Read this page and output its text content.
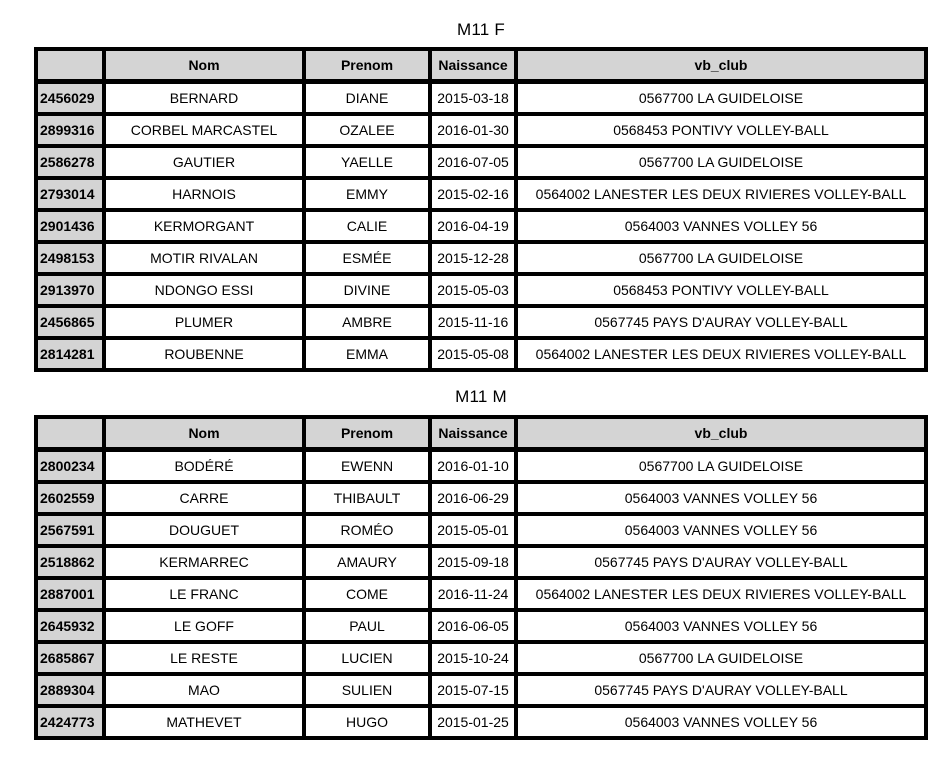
M11 F
	Nom	Prenom	Naissance	vb_club
2456029	BERNARD	DIANE	2015-03-18	0567700 LA GUIDELOISE
2899316	CORBEL MARCASTEL	OZALEE	2016-01-30	0568453 PONTIVY VOLLEY-BALL
2586278	GAUTIER	YAELLE	2016-07-05	0567700 LA GUIDELOISE
2793014	HARNOIS	EMMY	2015-02-16	0564002 LANESTER LES DEUX RIVIERES VOLLEY-BALL
2901436	KERMORGANT	CALIE	2016-04-19	0564003 VANNES VOLLEY 56
2498153	MOTIR RIVALAN	ESMÉE	2015-12-28	0567700 LA GUIDELOISE
2913970	NDONGO ESSI	DIVINE	2015-05-03	0568453 PONTIVY VOLLEY-BALL
2456865	PLUMER	AMBRE	2015-11-16	0567745 PAYS D'AURAY VOLLEY-BALL
2814281	ROUBENNE	EMMA	2015-05-08	0564002 LANESTER LES DEUX RIVIERES VOLLEY-BALL
M11 M
	Nom	Prenom	Naissance	vb_club
2800234	BODÉRÉ	EWENN	2016-01-10	0567700 LA GUIDELOISE
2602559	CARRE	THIBAULT	2016-06-29	0564003 VANNES VOLLEY 56
2567591	DOUGUET	ROMÉO	2015-05-01	0564003 VANNES VOLLEY 56
2518862	KERMARREC	AMAURY	2015-09-18	0567745 PAYS D'AURAY VOLLEY-BALL
2887001	LE FRANC	COME	2016-11-24	0564002 LANESTER LES DEUX RIVIERES VOLLEY-BALL
2645932	LE GOFF	PAUL	2016-06-05	0564003 VANNES VOLLEY 56
2685867	LE RESTE	LUCIEN	2015-10-24	0567700 LA GUIDELOISE
2889304	MAO	SULIEN	2015-07-15	0567745 PAYS D'AURAY VOLLEY-BALL
2424773	MATHEVET	HUGO	2015-01-25	0564003 VANNES VOLLEY 56
